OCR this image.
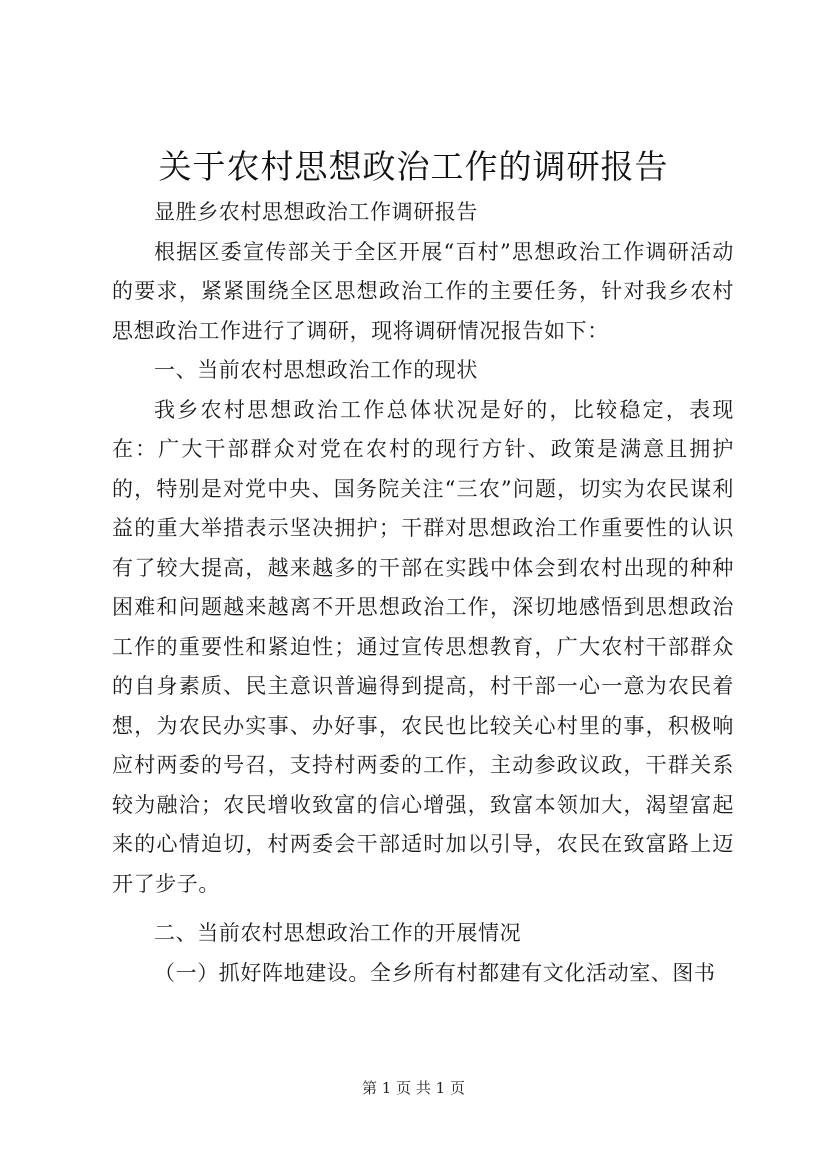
关于农村思想政治工作的调研报告

显胜乡农村思想政治工作调研报告

根据区委宣传部关于全区开展“百村”思想政治工作调研活动的要求，紧紧围绕全区思想政治工作的主要任务，针对我乡农村思想政治工作进行了调研，现将调研情况报告如下：

一、当前农村思想政治工作的现状

我乡农村思想政治工作总体状况是好的，比较稳定，表现在：广大干部群众对党在农村的现行方针、政策是满意且拥护的，特别是对党中央、国务院关注“三农”问题，切实为农民谋利益的重大举措表示坚决拥护；干群对思想政治工作重要性的认识有了较大提高，越来越多的干部在实践中体会到农村出现的种种困难和问题越来越离不开思想政治工作，深切地感悟到思想政治工作的重要性和紧迫性；通过宣传思想教育，广大农村干部群众的自身素质、民主意识普遍得到提高，村干部一心一意为农民着想，为农民办实事、办好事，农民也比较关心村里的事，积极响应村两委的号召，支持村两委的工作，主动参政议政，干群关系较为融洽；农民增收致富的信心增强，致富本领加大，渴望富起来的心情迫切，村两委会干部适时加以引导，农民在致富路上迈开了步子。

二、当前农村思想政治工作的开展情况

（一）抓好阵地建设。全乡所有村都建有文化活动室、图书

第 1 页 共 1 页
